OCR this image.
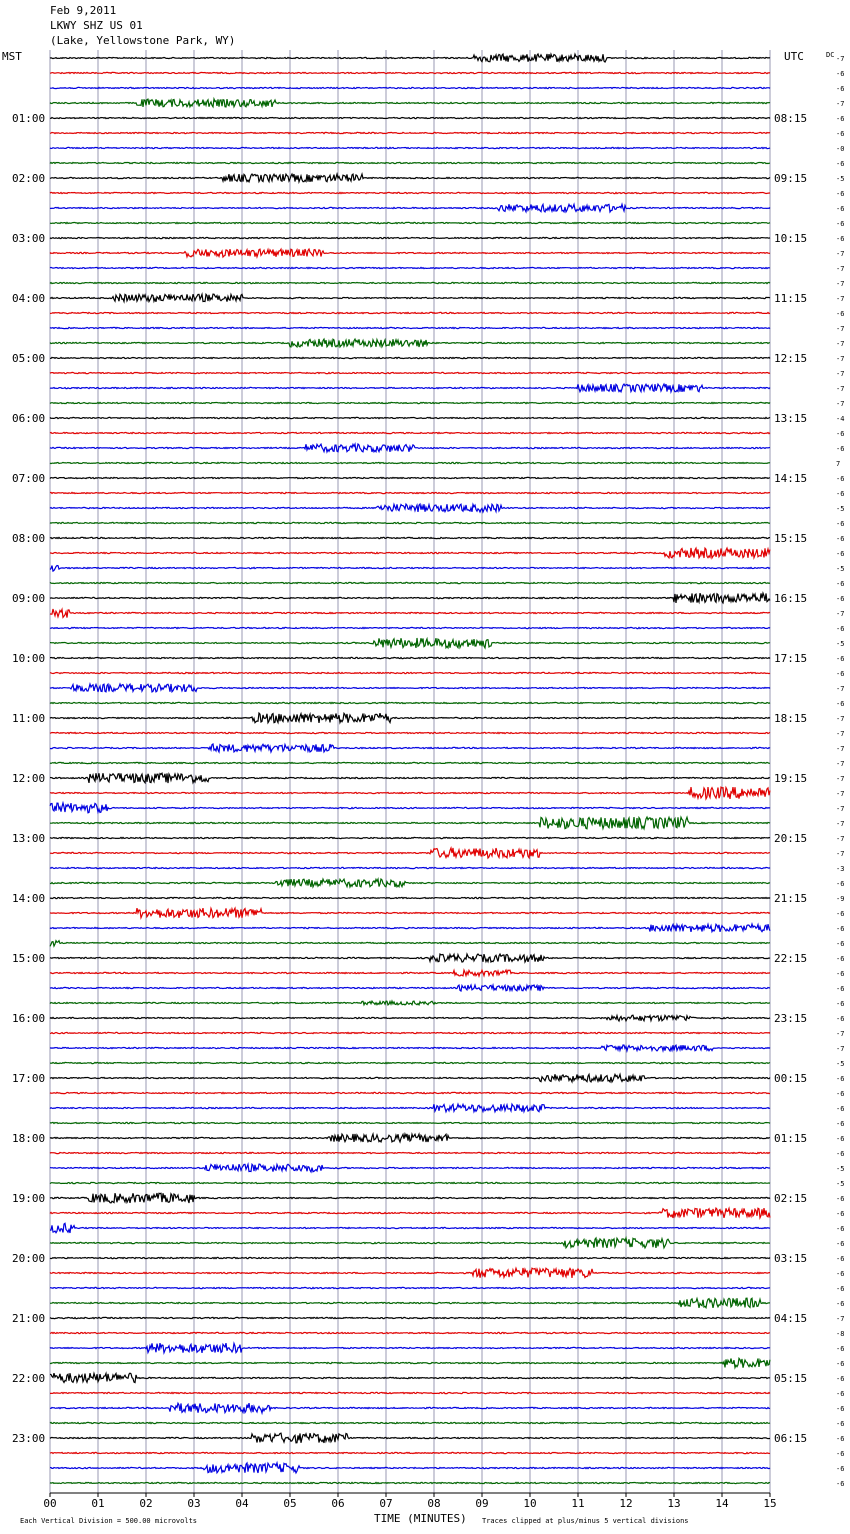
Feb 9,2011
LKWY SHZ US 01
(Lake, Yellowstone Park, WY)
00	01	02	03	04	05	06	07	08	09	10	11	12	13	14	15
-7
-6
-6
-7
-6
-6
-0
-6
-5
-6
-6
-6
-6
-7
-7
-7
-7
-6
-7
-7
-7
-7
-7
-7
-4
-6
-6
7
-6
-6
-5
-6
-6
-6
-5
-6
-6
-7
-6
-5
-6
-6
-7
-6
-7
-7
-7
-7
-7
-7
-7
-7
-7
-7
-3
-6
-9
-6
-6
-6
-6
-6
-6
-6
-6
-7
-7
-5
-6
-6
-6
-6
-6
-6
-5
-5
-6
-6
-6
-6
-6
-6
-6
-6
-7
-8
-6
-6
-6
-6
-6
-6
-6
-6
-6
-6
01:00
02:00
03:00
04:00
05:00
06:00
07:00
08:00
09:00
10:00
11:00
12:00
13:00
14:00
15:00
16:00
17:00
18:00
19:00
20:00
21:00
22:00
23:00
08:15
09:15
10:15
11:15
12:15
13:15
14:15
15:15
16:15
17:15
18:15
19:15
20:15
21:15
22:15
23:15
00:15
01:15
02:15
03:15
04:15
05:15
06:15
MST	UTC	DC
TIME (MINUTES)
Each Vertical Division = 500.00 microvolts	Traces clipped at plus/minus 5 vertical divisions
